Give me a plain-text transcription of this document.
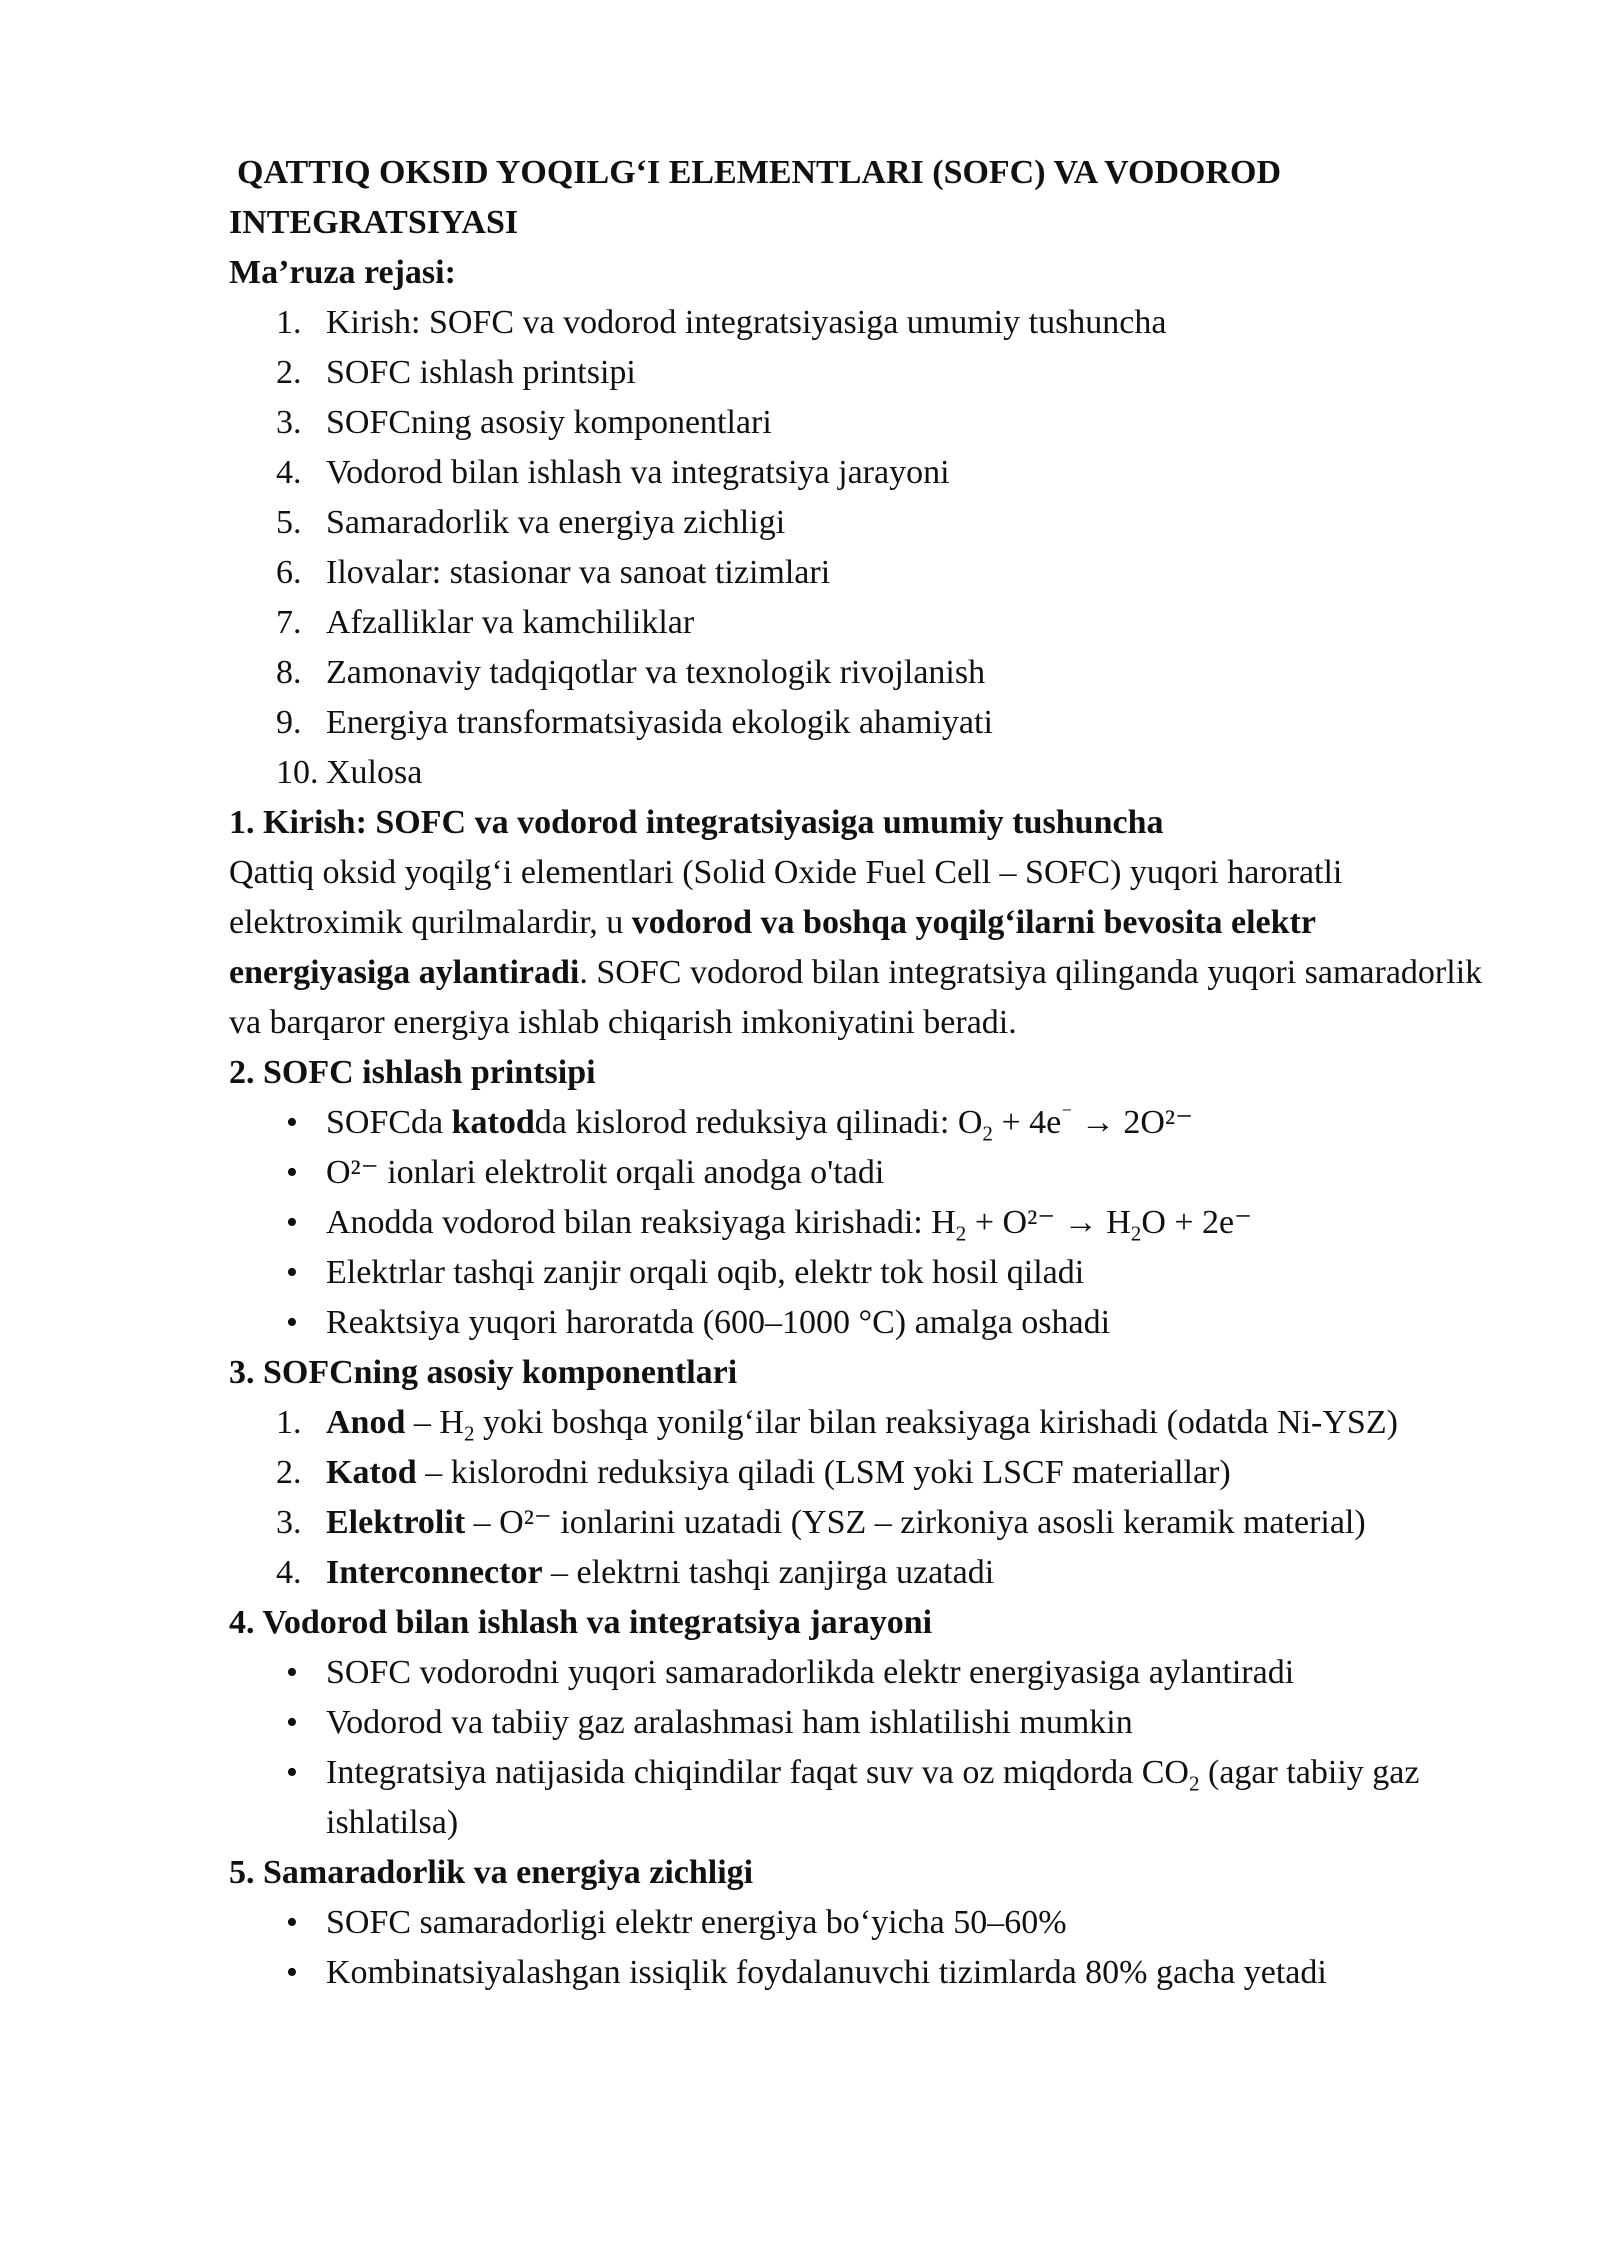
QATTIQ OKSID YOQILG‘I ELEMENTLARI (SOFC) VA VODOROD
INTEGRATSIYASI
Ma’ruza rejasi:
1. Kirish: SOFC va vodorod integratsiyasiga umumiy tushuncha
2. SOFC ishlash printsipi
3. SOFCning asosiy komponentlari
4. Vodorod bilan ishlash va integratsiya jarayoni
5. Samaradorlik va energiya zichligi
6. Ilovalar: stasionar va sanoat tizimlari
7. Afzalliklar va kamchiliklar
8. Zamonaviy tadqiqotlar va texnologik rivojlanish
9. Energiya transformatsiyasida ekologik ahamiyati
10. Xulosa
1. Kirish: SOFC va vodorod integratsiyasiga umumiy tushuncha

Qattiq oksid yoqilg‘i elementlari (Solid Oxide Fuel Cell – SOFC) yuqori haroratli elektroximik qurilmalardir, u vodorod va boshqa yoqilg‘ilarni bevosita elektr energiyasiga aylantiradi. SOFC vodorod bilan integratsiya qilinganda yuqori samaradorlik va barqaror energiya ishlab chiqarish imkoniyatini beradi.

2. SOFC ishlash printsipi
• SOFCda katodda kislorod reduksiya qilinadi: $O_2 + 4e^{^-} \to 2O^{2-}$
• O²⁻ ionlari elektrolit orqali anodga o'tadi
• Anodda vodorod bilan reaksiyaga kirishadi: $H_2 + O^{2-} \to H_2O + 2e^-$
• Elektrlar tashqi zanjir orqali oqib, elektr tok hosil qiladi
• Reaktsiya yuqori haroratda (600–1000 °C) amalga oshadi
3. SOFCning asosiy komponentlari
1. Anod – $H_2$ yoki boshqa yonilg‘ilar bilan reaksiyaga kirishadi (odatda Ni-YSZ)
2. Katod – kislorodni reduksiya qiladi (LSM yoki LSCF materiallar)
3. Elektrolit – O²⁻ ionlarini uzatadi (YSZ – zirkoniya asosli keramik material)
4. Interconnector – elektrni tashqi zanjirga uzatadi
4. Vodorod bilan ishlash va integratsiya jarayoni
• SOFC vodorodni yuqori samaradorlikda elektr energiyasiga aylantiradi
• Vodorod va tabiiy gaz aralashmasi ham ishlatilishi mumkin
• Integratsiya natijasida chiqindilar faqat suv va oz miqdorda $CO_2$ (agar tabiiy gaz ishlatilsa)
5. Samaradorlik va energiya zichligi
• SOFC samaradorligi elektr energiya bo‘yicha 50–60%
• Kombinatsiyalashgan issiqlik foydalanuvchi tizimlarda 80% gacha yetadi
